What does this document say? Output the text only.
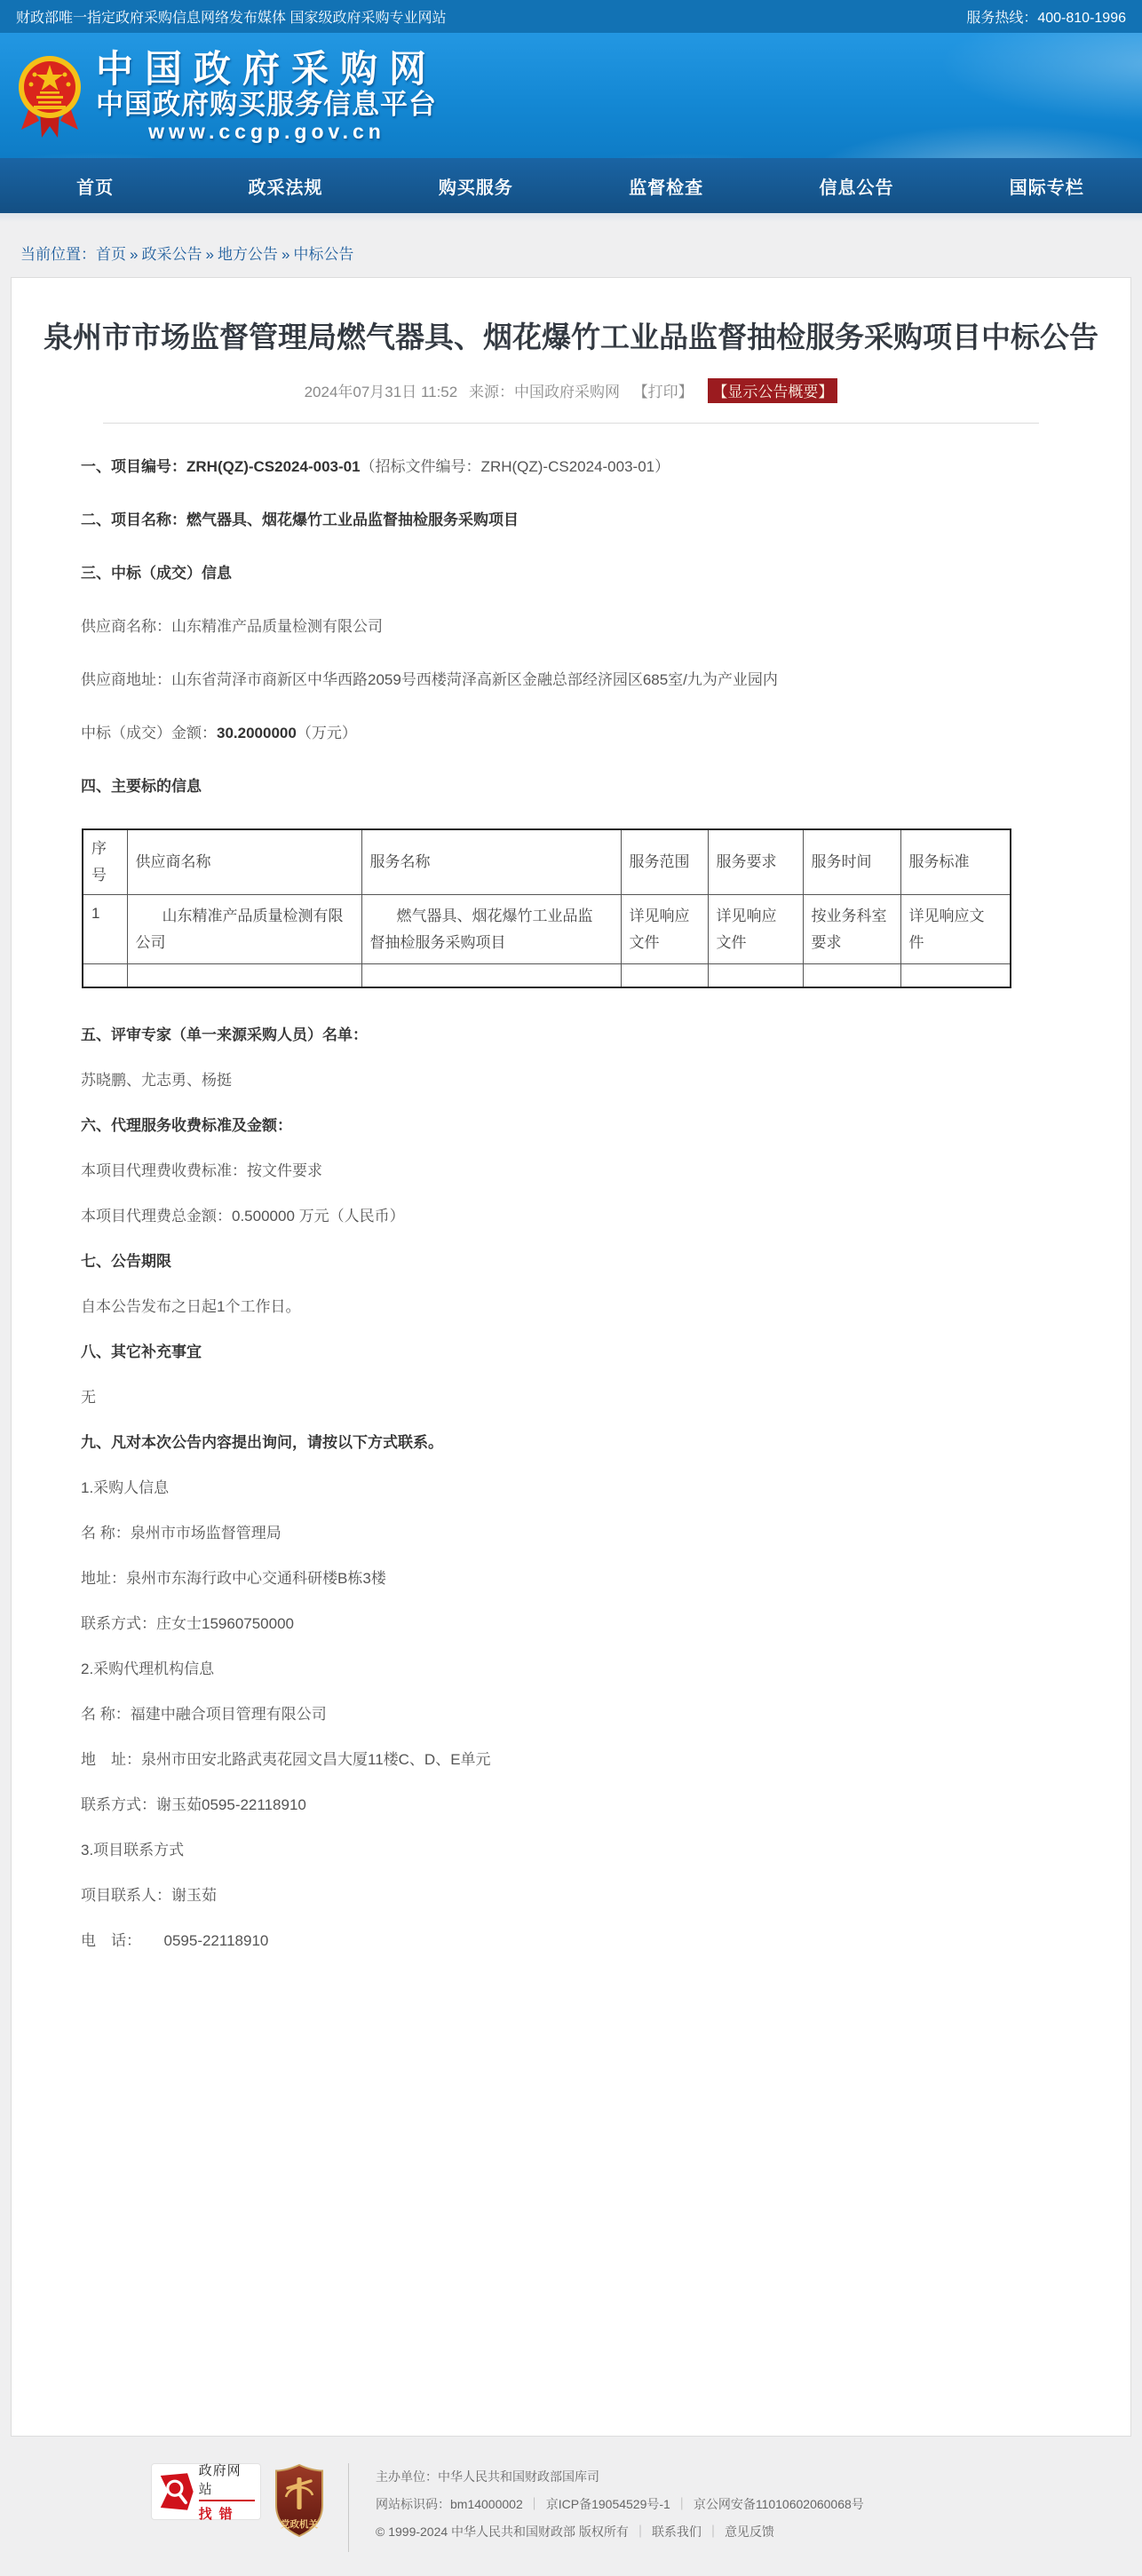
财政部唯一指定政府采购信息网络发布媒体 国家级政府采购专业网站	服务热线：400-810-1996
中国政府采购网
中国政府购买服务信息平台
www.ccgp.gov.cn
首页	政采法规	购买服务	监督检查	信息公告	国际专栏
当前位置：首页 » 政采公告 » 地方公告 » 中标公告
泉州市市场监督管理局燃气器具、烟花爆竹工业品监督抽检服务采购项目中标公告
2024年07月31日 11:52 来源：中国政府采购网 【打印】 【显示公告概要】

一、项目编号：ZRH(QZ)-CS2024-003-01（招标文件编号：ZRH(QZ)-CS2024-003-01）

二、项目名称：燃气器具、烟花爆竹工业品监督抽检服务采购项目

三、中标（成交）信息

供应商名称：山东精准产品质量检测有限公司

供应商地址：山东省菏泽市商新区中华西路2059号西楼菏泽高新区金融总部经济园区685室/九为产业园内

中标（成交）金额：30.2000000（万元）

四、主要标的信息

序号	供应商名称	服务名称	服务范围	服务要求	服务时间	服务标准
1	山东精准产品质量检测有限公司	燃气器具、烟花爆竹工业品监督抽检服务采购项目	详见响应文件	详见响应文件	按业务科室要求	详见响应文件

五、评审专家（单一来源采购人员）名单：

苏晓鹏、尤志勇、杨挺

六、代理服务收费标准及金额：

本项目代理费收费标准：按文件要求

本项目代理费总金额：0.500000 万元（人民币）

七、公告期限

自本公告发布之日起1个工作日。

八、其它补充事宜

无

九、凡对本次公告内容提出询问，请按以下方式联系。

1.采购人信息

名 称：泉州市市场监督管理局

地址：泉州市东海行政中心交通科研楼B栋3楼

联系方式：庄女士15960750000

2.采购代理机构信息

名 称：福建中融合项目管理有限公司

地　址：泉州市田安北路武夷花园文昌大厦11楼C、D、E单元

联系方式：谢玉茹0595-22118910

3.项目联系方式

项目联系人：谢玉茹

电　话：　　0595-22118910

政府网站
找错
党政机关
主办单位：中华人民共和国财政部国库司
网站标识码：bm14000002 ｜ 京ICP备19054529号-1 ｜ 京公网安备11010602060068号
© 1999-2024 中华人民共和国财政部 版权所有 ｜ 联系我们 ｜ 意见反馈
